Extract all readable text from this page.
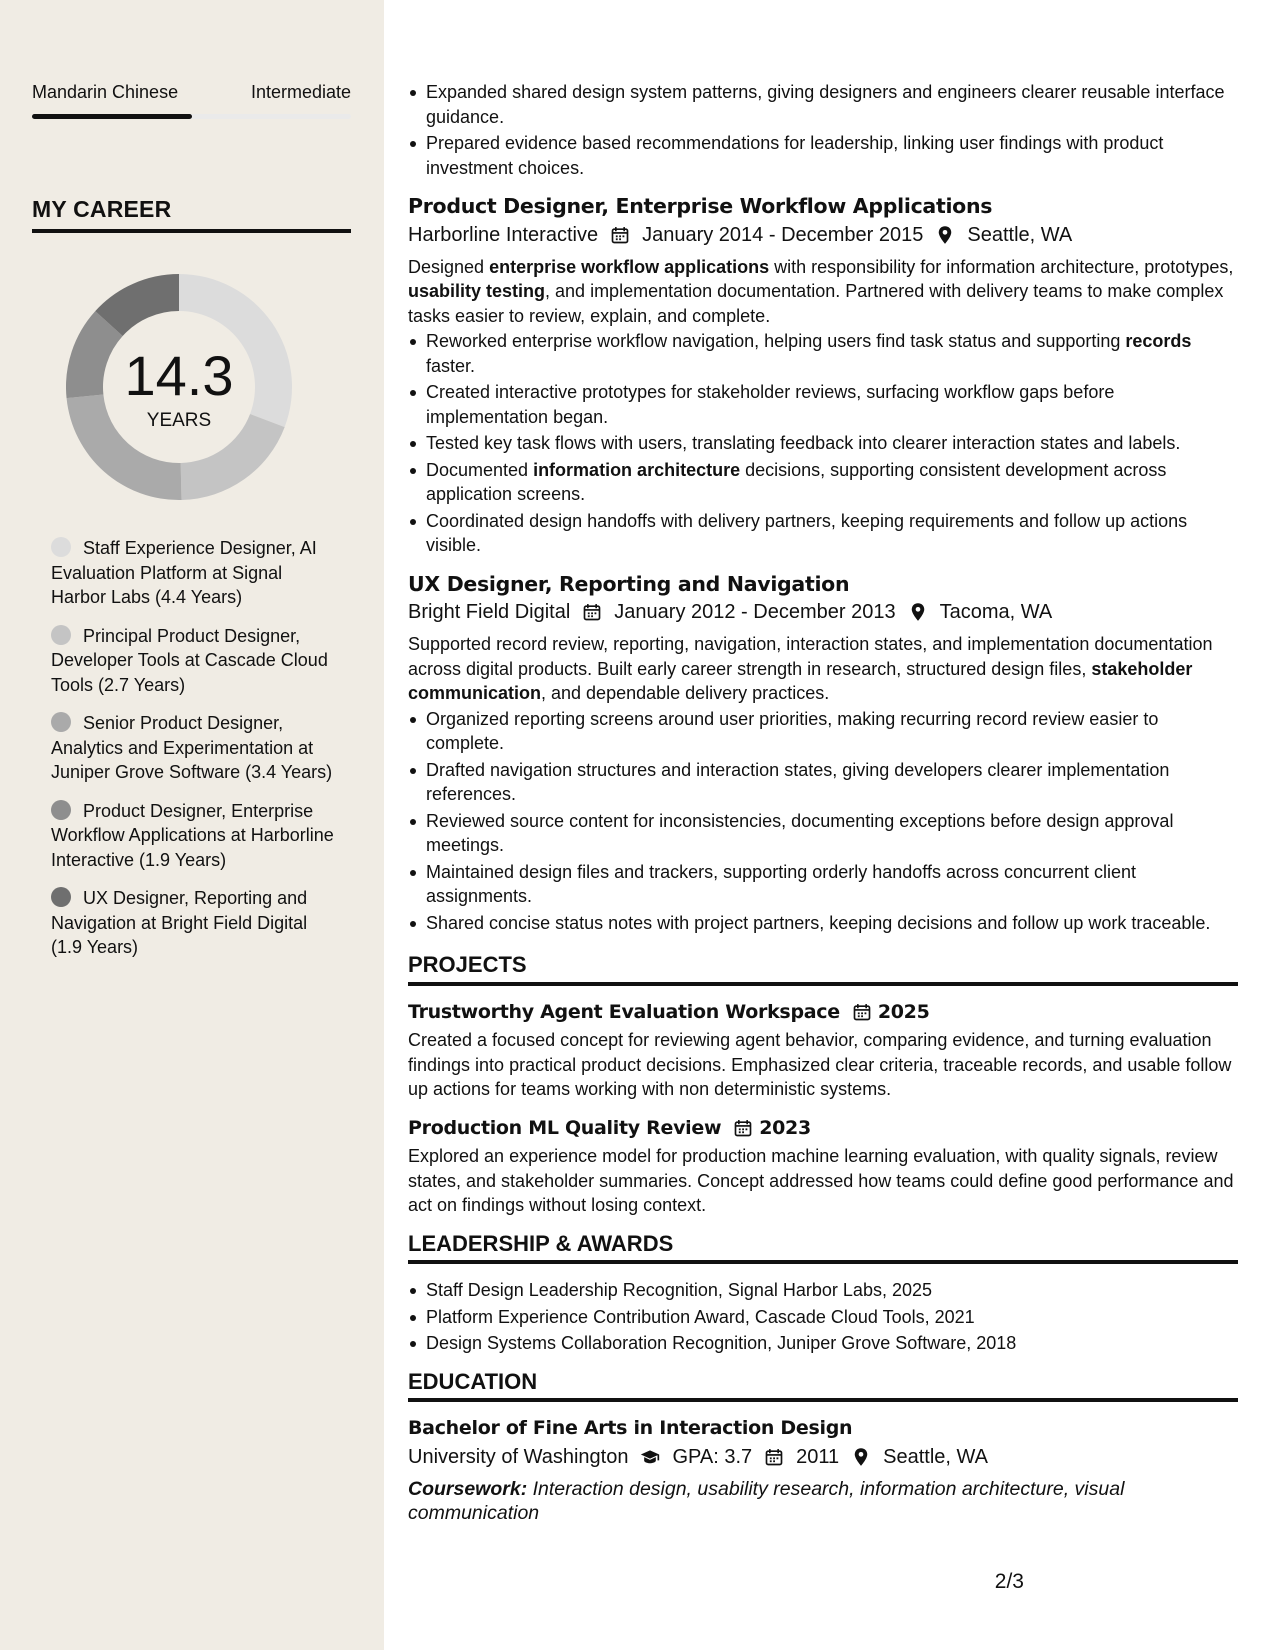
Mandarin Chinese	Intermediate
MY CAREER
14.3
YEARS
Staff Experience Designer, AI Evaluation Platform at Signal Harbor Labs (4.4 Years)
Principal Product Designer, Developer Tools at Cascade Cloud Tools (2.7 Years)
Senior Product Designer, Analytics and Experimentation at Juniper Grove Software (3.4 Years)
Product Designer, Enterprise Workflow Applications at Harborline Interactive (1.9 Years)
UX Designer, Reporting and Navigation at Bright Field Digital (1.9 Years)
Expanded shared design system patterns, giving designers and engineers clearer reusable interface guidance.
Prepared evidence based recommendations for leadership, linking user findings with product investment choices.
Product Designer, Enterprise Workflow Applications
Harborline Interactive January 2014 - December 2015 Seattle, WA
Designed enterprise workflow applications with responsibility for information architecture, prototypes, usability testing, and implementation documentation. Partnered with delivery teams to make complex tasks easier to review, explain, and complete.
Reworked enterprise workflow navigation, helping users find task status and supporting records faster.
Created interactive prototypes for stakeholder reviews, surfacing workflow gaps before implementation began.
Tested key task flows with users, translating feedback into clearer interaction states and labels.
Documented information architecture decisions, supporting consistent development across application screens.
Coordinated design handoffs with delivery partners, keeping requirements and follow up actions visible.
UX Designer, Reporting and Navigation
Bright Field Digital January 2012 - December 2013 Tacoma, WA
Supported record review, reporting, navigation, interaction states, and implementation documentation across digital products. Built early career strength in research, structured design files, stakeholder communication, and dependable delivery practices.
Organized reporting screens around user priorities, making recurring record review easier to complete.
Drafted navigation structures and interaction states, giving developers clearer implementation references.
Reviewed source content for inconsistencies, documenting exceptions before design approval meetings.
Maintained design files and trackers, supporting orderly handoffs across concurrent client assignments.
Shared concise status notes with project partners, keeping decisions and follow up work traceable.
PROJECTS
Trustworthy Agent Evaluation Workspace 2025
Created a focused concept for reviewing agent behavior, comparing evidence, and turning evaluation findings into practical product decisions. Emphasized clear criteria, traceable records, and usable follow up actions for teams working with non deterministic systems.
Production ML Quality Review 2023
Explored an experience model for production machine learning evaluation, with quality signals, review states, and stakeholder summaries. Concept addressed how teams could define good performance and act on findings without losing context.
LEADERSHIP & AWARDS
Staff Design Leadership Recognition, Signal Harbor Labs, 2025
Platform Experience Contribution Award, Cascade Cloud Tools, 2021
Design Systems Collaboration Recognition, Juniper Grove Software, 2018
EDUCATION
Bachelor of Fine Arts in Interaction Design
University of Washington GPA: 3.7 2011 Seattle, WA
Coursework: Interaction design, usability research, information architecture, visual communication
2/3
